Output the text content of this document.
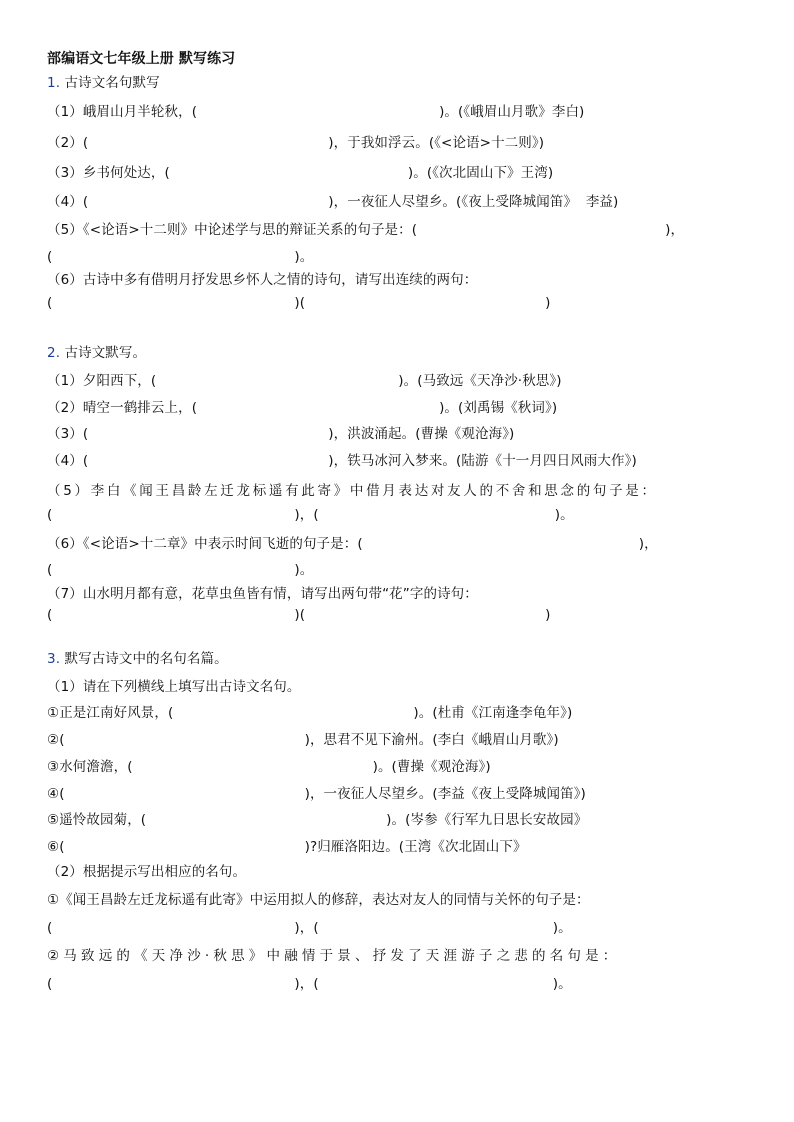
部编语文七年级上册 默写练习
1. 古诗文名句默写
（1）峨眉山月半轮秋，(	)。(《峨眉山月歌》李白)
（2）(	)，于我如浮云。(《<论语>十二则》)
（3）乡书何处达，(	)。(《次北固山下》王湾)
（4）(	)，一夜征人尽望乡。(《夜上受降城闻笛》  李益)
（5）《<论语>十二则》中论述学与思的辩证关系的句子是：(	)，
(	)。
（6）古诗中多有借明月抒发思乡怀人之情的诗句，请写出连续的两句：
(	)(	)
2. 古诗文默写。
（1）夕阳西下，(	)。(马致远《天净沙·秋思》)
（2）晴空一鹤排云上，(	)。(刘禹锡《秋词》)
（3）(	)，洪波涌起。(曹操《观沧海》)
（4）(	)，铁马冰河入梦来。(陆游《十一月四日风雨大作》)
（5）李白《闻王昌龄左迁龙标遥有此寄》中借月表达对友人的不舍和思念的句子是：
(	)，(	)。
（6）《<论语>十二章》中表示时间飞逝的句子是：(	)，
(	)。
（7）山水明月都有意，花草虫鱼皆有情，请写出两句带“花”字的诗句：
(	)(	)
3. 默写古诗文中的名句名篇。
（1）请在下列横线上填写出古诗文名句。
①正是江南好风景，(	)。(杜甫《江南逢李龟年》)
②(	)，思君不见下渝州。(李白《峨眉山月歌》)
③水何澹澹，(	)。(曹操《观沧海》)
④(	)，一夜征人尽望乡。(李益《夜上受降城闻笛》)
⑤遥怜故园菊，(	)。(岑参《行军九日思长安故园》
⑥(	)?归雁洛阳边。(王湾《次北固山下》
（2）根据提示写出相应的名句。
①《闻王昌龄左迁龙标遥有此寄》中运用拟人的修辞，表达对友人的同情与关怀的句子是：
(	)，(	)。
②马致远的《天净沙·秋思》中融情于景、抒发了天涯游子之悲的名句是：
(	)，(	)。
